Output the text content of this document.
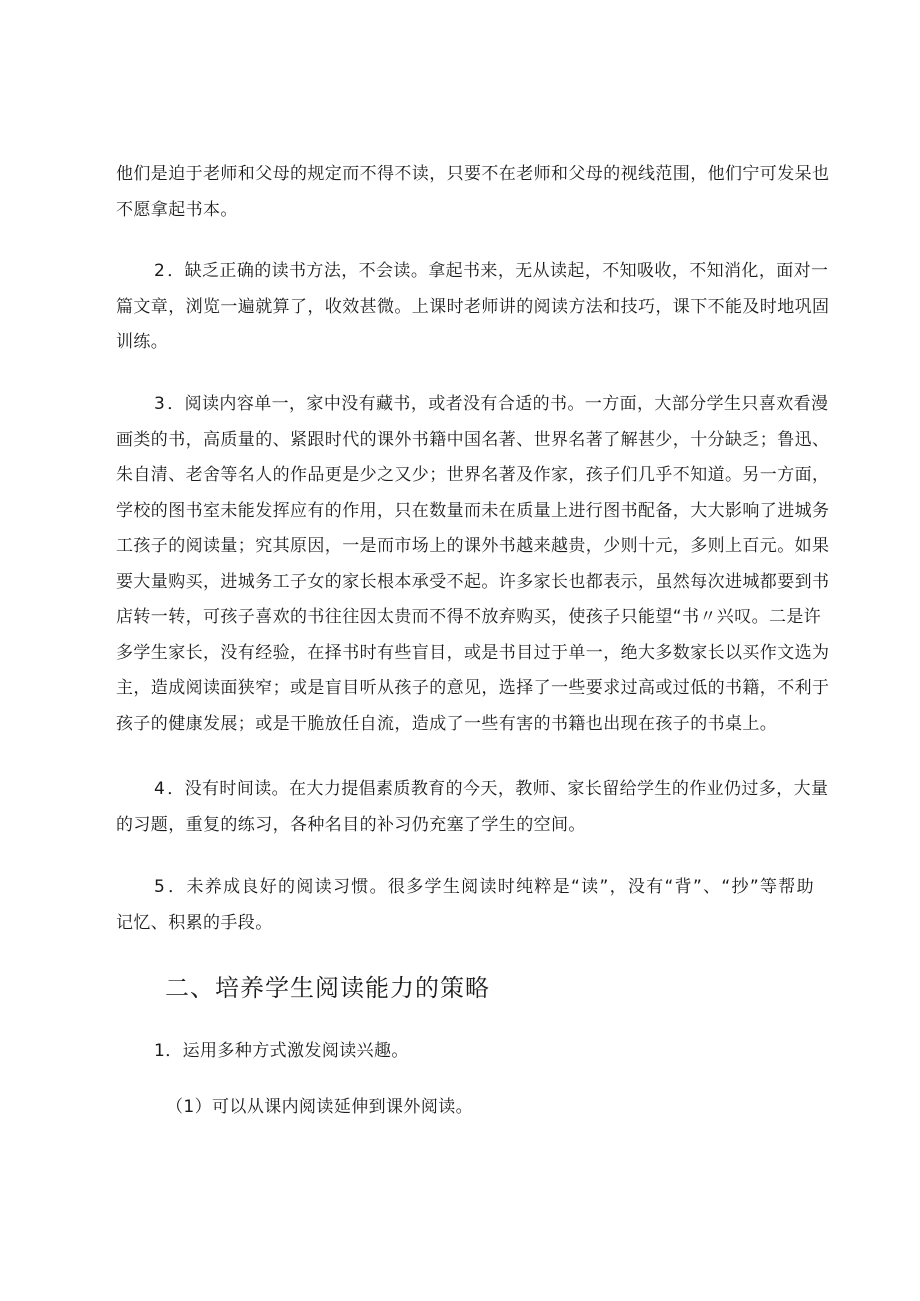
他们是迫于老师和父母的规定而不得不读，只要不在老师和父母的视线范围，他们宁可发呆也
不愿拿起书本。
2 ．缺乏正确的读书方法，不会读。拿起书来，无从读起，不知吸收，不知消化，面对一
篇文章，浏览一遍就算了，收效甚微。上课时老师讲的阅读方法和技巧，课下不能及时地巩固
训练。
3 ．阅读内容单一，家中没有藏书，或者没有合适的书。一方面，大部分学生只喜欢看漫
画类的书，高质量的、紧跟时代的课外书籍中国名著、世界名著了解甚少，十分缺乏；鲁迅、
朱自清、老舍等名人的作品更是少之又少；世界名著及作家，孩子们几乎不知道。另一方面，
学校的图书室未能发挥应有的作用，只在数量而未在质量上进行图书配备，大大影响了进城务
工孩子的阅读量；究其原因，一是而市场上的课外书越来越贵，少则十元，多则上百元。如果
要大量购买，进城务工子女的家长根本承受不起。许多家长也都表示，虽然每次进城都要到书
店转一转，可孩子喜欢的书往往因太贵而不得不放弃购买，使孩子只能望“书〃兴叹。二是许
多学生家长，没有经验，在择书时有些盲目，或是书目过于单一，绝大多数家长以买作文选为
主，造成阅读面狭窄；或是盲目听从孩子的意见，选择了一些要求过高或过低的书籍，不利于
孩子的健康发展；或是干脆放任自流，造成了一些有害的书籍也出现在孩子的书桌上。
4 ．没有时间读。在大力提倡素质教育的今天，教师、家长留给学生的作业仍过多，大量
的习题，重复的练习，各种名目的补习仍充塞了学生的空间。
5 ．未养成良好的阅读习惯。很多学生阅读时纯粹是“读”，没有“背”、“抄”等帮助
记忆、积累的手段。
二、培养学生阅读能力的策略

1．运用多种方式激发阅读兴趣。

（1）可以从课内阅读延伸到课外阅读。
